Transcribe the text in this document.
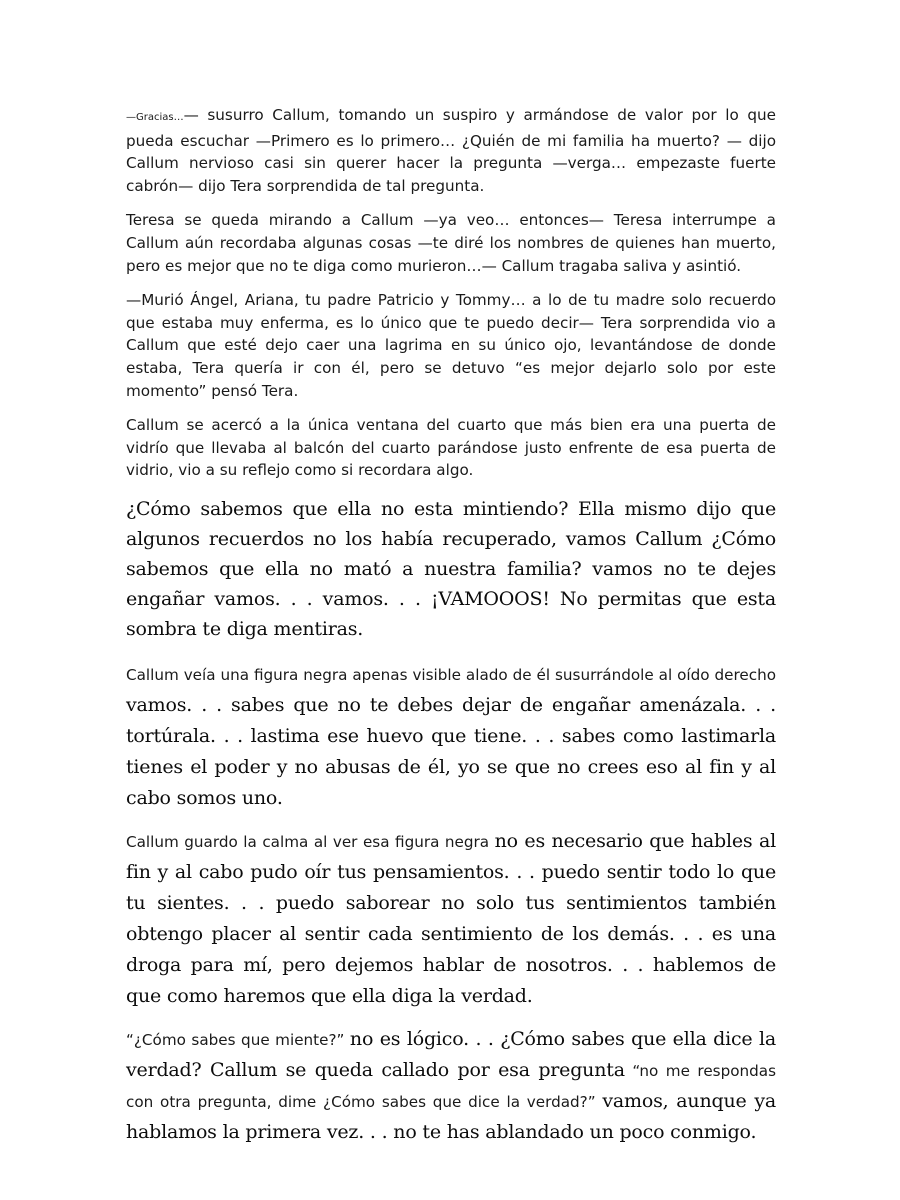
—Gracias…— susurro Callum, tomando un suspiro y armándose de valor por lo que pueda escuchar —Primero es lo primero… ¿Quién de mi familia ha muerto? — dijo Callum nervioso casi sin querer hacer la pregunta —verga… empezaste fuerte cabrón— dijo Tera sorprendida de tal pregunta.

Teresa se queda mirando a Callum —ya veo… entonces— Teresa interrumpe a Callum aún recordaba algunas cosas —te diré los nombres de quienes han muerto, pero es mejor que no te diga como murieron…— Callum tragaba saliva y asintió.

—Murió Ángel, Ariana, tu padre Patricio y Tommy… a lo de tu madre solo recuerdo que estaba muy enferma, es lo único que te puedo decir— Tera sorprendida vio a Callum que esté dejo caer una lagrima en su único ojo, levantándose de donde estaba, Tera quería ir con él, pero se detuvo “es mejor dejarlo solo por este momento” pensó Tera.

Callum se acercó a la única ventana del cuarto que más bien era una puerta de vidrío que llevaba al balcón del cuarto parándose justo enfrente de esa puerta de vidrio, vio a su reflejo como si recordara algo.

¿Cómo sabemos que ella no esta mintiendo? Ella mismo dijo que algunos recuerdos no los había recuperado, vamos Callum ¿Cómo sabemos que ella no mató a nuestra familia? vamos no te dejes engañar vamos. . . vamos. . . ¡VAMOOOS! No permitas que esta sombra te diga mentiras.

Callum veía una figura negra apenas visible alado de él susurrándole al oído derecho vamos. . . sabes que no te debes dejar de engañar amenázala. . . tortúrala. . . lastima ese huevo que tiene. . . sabes como lastimarla tienes el poder y no abusas de él, yo se que no crees eso al fin y al cabo somos uno.

Callum guardo la calma al ver esa figura negra no es necesario que hables al fin y al cabo pudo oír tus pensamientos. . . puedo sentir todo lo que tu sientes. . . puedo saborear no solo tus sentimientos también obtengo placer al sentir cada sentimiento de los demás. . . es una droga para mí, pero dejemos hablar de nosotros. . . hablemos de que como haremos que ella diga la verdad.

“¿Cómo sabes que miente?” no es lógico. . . ¿Cómo sabes que ella dice la verdad? Callum se queda callado por esa pregunta “no me respondas con otra pregunta, dime ¿Cómo sabes que dice la verdad?” vamos, aunque ya hablamos la primera vez. . . no te has ablandado un poco conmigo.
